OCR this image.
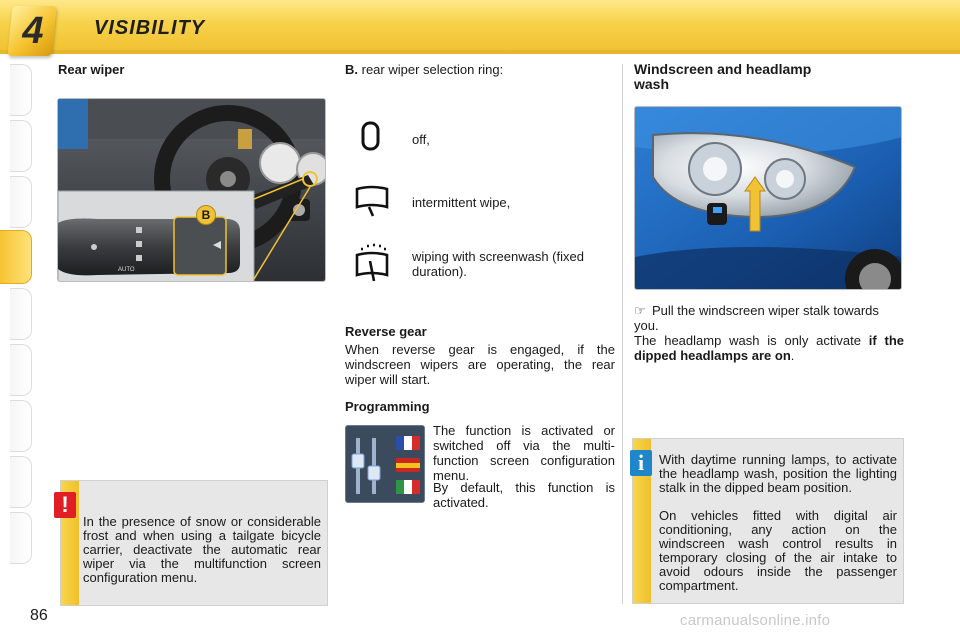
4	VISIBILITY
Rear wiper
AUTO
B
In the presence of snow or considerable frost and when using a tailgate bicycle carrier, deactivate the automatic rear wiper via the multifunction screen configuration menu.
!
B. rear wiper selection ring:
off,
intermittent wipe,
wiping with screenwash (fixed
duration).
Reverse gear
When reverse gear is engaged, if the windscreen wipers are operating, the rear wiper will start.
Programming
The function is activated or switched off via the multi-function screen configuration menu.
By default, this function is activated.
Windscreen and headlamp
wash
☞ Pull the windscreen wiper stalk towards you.
The headlamp wash is only activate if the dipped headlamps are on.
With daytime running lamps, to activate the headlamp wash, position the lighting stalk in the dipped beam position.
On vehicles fitted with digital air conditioning, any action on the windscreen wash control results in temporary closing of the air intake to avoid odours inside the passenger compartment.
i
86	carmanualsonline.info
